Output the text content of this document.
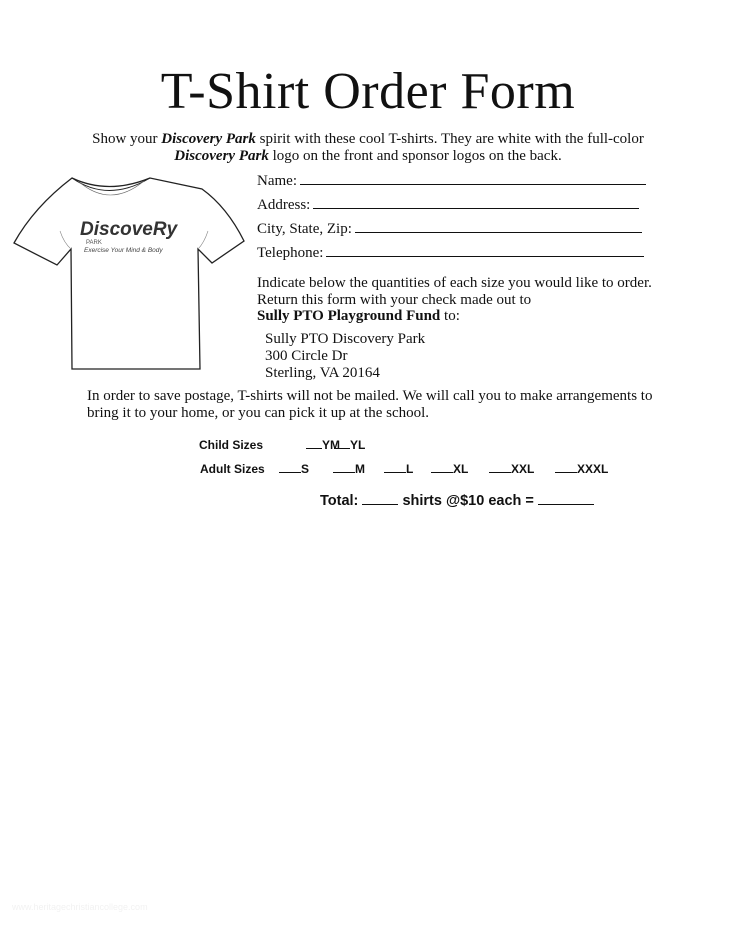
T-Shirt Order Form
Show your Discovery Park spirit with these cool T-shirts. They are white with the full-color
Discovery Park logo on the front and sponsor logos on the back.
DiscoveRy
PARK
Exercise Your Mind & Body
Name:
Address:
City, State, Zip:
Telephone:
Indicate below the quantities of each size you would like to order.
Return this form with your check made out to
Sully PTO Playground Fund to:
Sully PTO Discovery Park
300 Circle Dr
Sterling, VA 20164
In order to save postage, T-shirts will not be mailed. We will call you to make arrangements to bring it to your home, or you can pick it up at the school.
Child Sizes	YM YL
Adult Sizes	S	M	L	XL	XXL	XXXL
Total:	shirts @$10 each =
www.heritagechristiancollege.com
